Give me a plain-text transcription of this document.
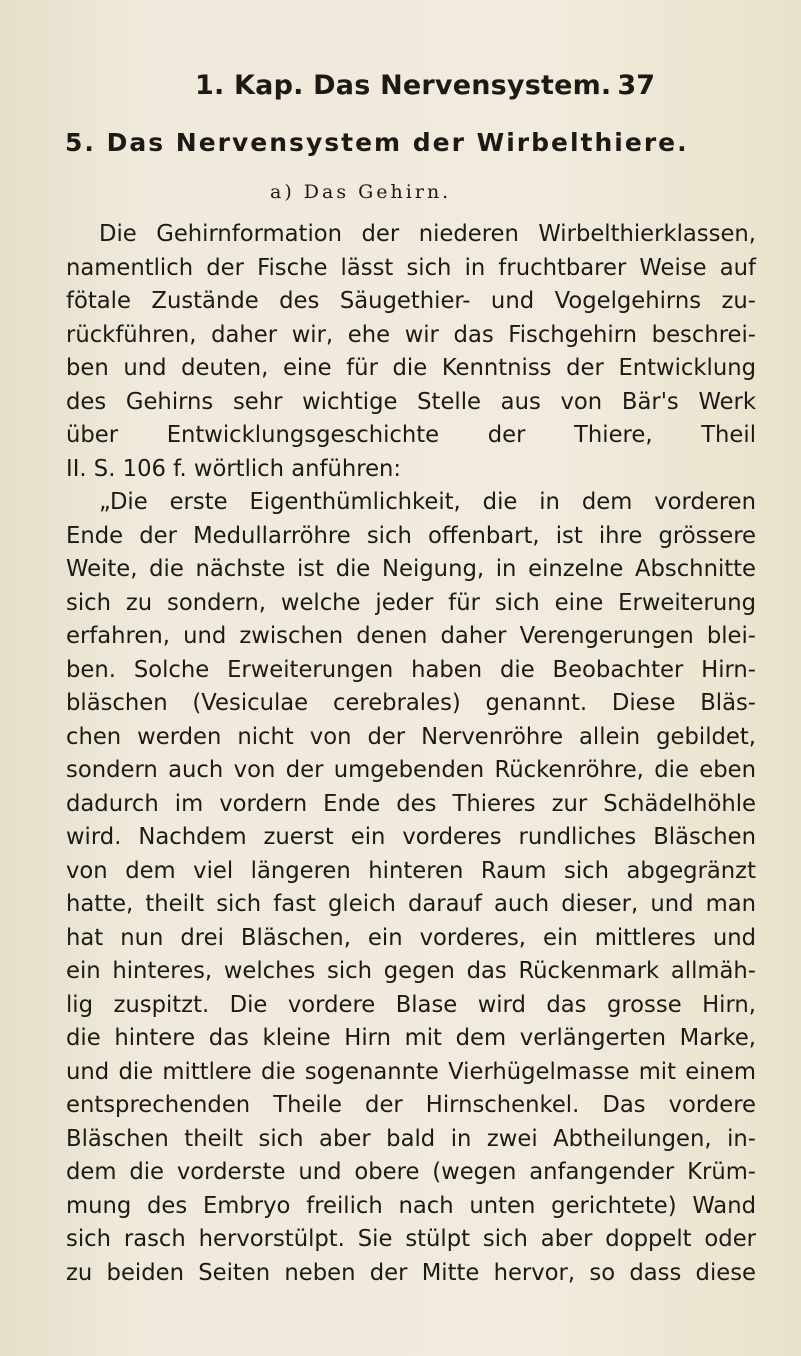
1. Kap. Das Nervensystem. 37
5. Das Nervensystem der Wirbelthiere.
a) Das Gehirn.
Die Gehirnformation der niederen Wirbelthierklassen,
namentlich der Fische lässt sich in fruchtbarer Weise auf
fötale Zustände des Säugethier- und Vogelgehirns zu-
rückführen, daher wir, ehe wir das Fischgehirn beschrei-
ben und deuten, eine für die Kenntniss der Entwicklung
des Gehirns sehr wichtige Stelle aus von Bär's Werk
über Entwicklungsgeschichte der Thiere, Theil
II. S. 106 f. wörtlich anführen:
„Die erste Eigenthümlichkeit, die in dem vorderen
Ende der Medullarröhre sich offenbart, ist ihre grössere
Weite, die nächste ist die Neigung, in einzelne Abschnitte
sich zu sondern, welche jeder für sich eine Erweiterung
erfahren, und zwischen denen daher Verengerungen blei-
ben. Solche Erweiterungen haben die Beobachter Hirn-
bläschen (Vesiculae cerebrales) genannt. Diese Bläs-
chen werden nicht von der Nervenröhre allein gebildet,
sondern auch von der umgebenden Rückenröhre, die eben
dadurch im vordern Ende des Thieres zur Schädelhöhle
wird. Nachdem zuerst ein vorderes rundliches Bläschen
von dem viel längeren hinteren Raum sich abgegränzt
hatte, theilt sich fast gleich darauf auch dieser, und man
hat nun drei Bläschen, ein vorderes, ein mittleres und
ein hinteres, welches sich gegen das Rückenmark allmäh-
lig zuspitzt. Die vordere Blase wird das grosse Hirn,
die hintere das kleine Hirn mit dem verlängerten Marke,
und die mittlere die sogenannte Vierhügelmasse mit einem
entsprechenden Theile der Hirnschenkel. Das vordere
Bläschen theilt sich aber bald in zwei Abtheilungen, in-
dem die vorderste und obere (wegen anfangender Krüm-
mung des Embryo freilich nach unten gerichtete) Wand
sich rasch hervorstülpt. Sie stülpt sich aber doppelt oder
zu beiden Seiten neben der Mitte hervor, so dass diese
